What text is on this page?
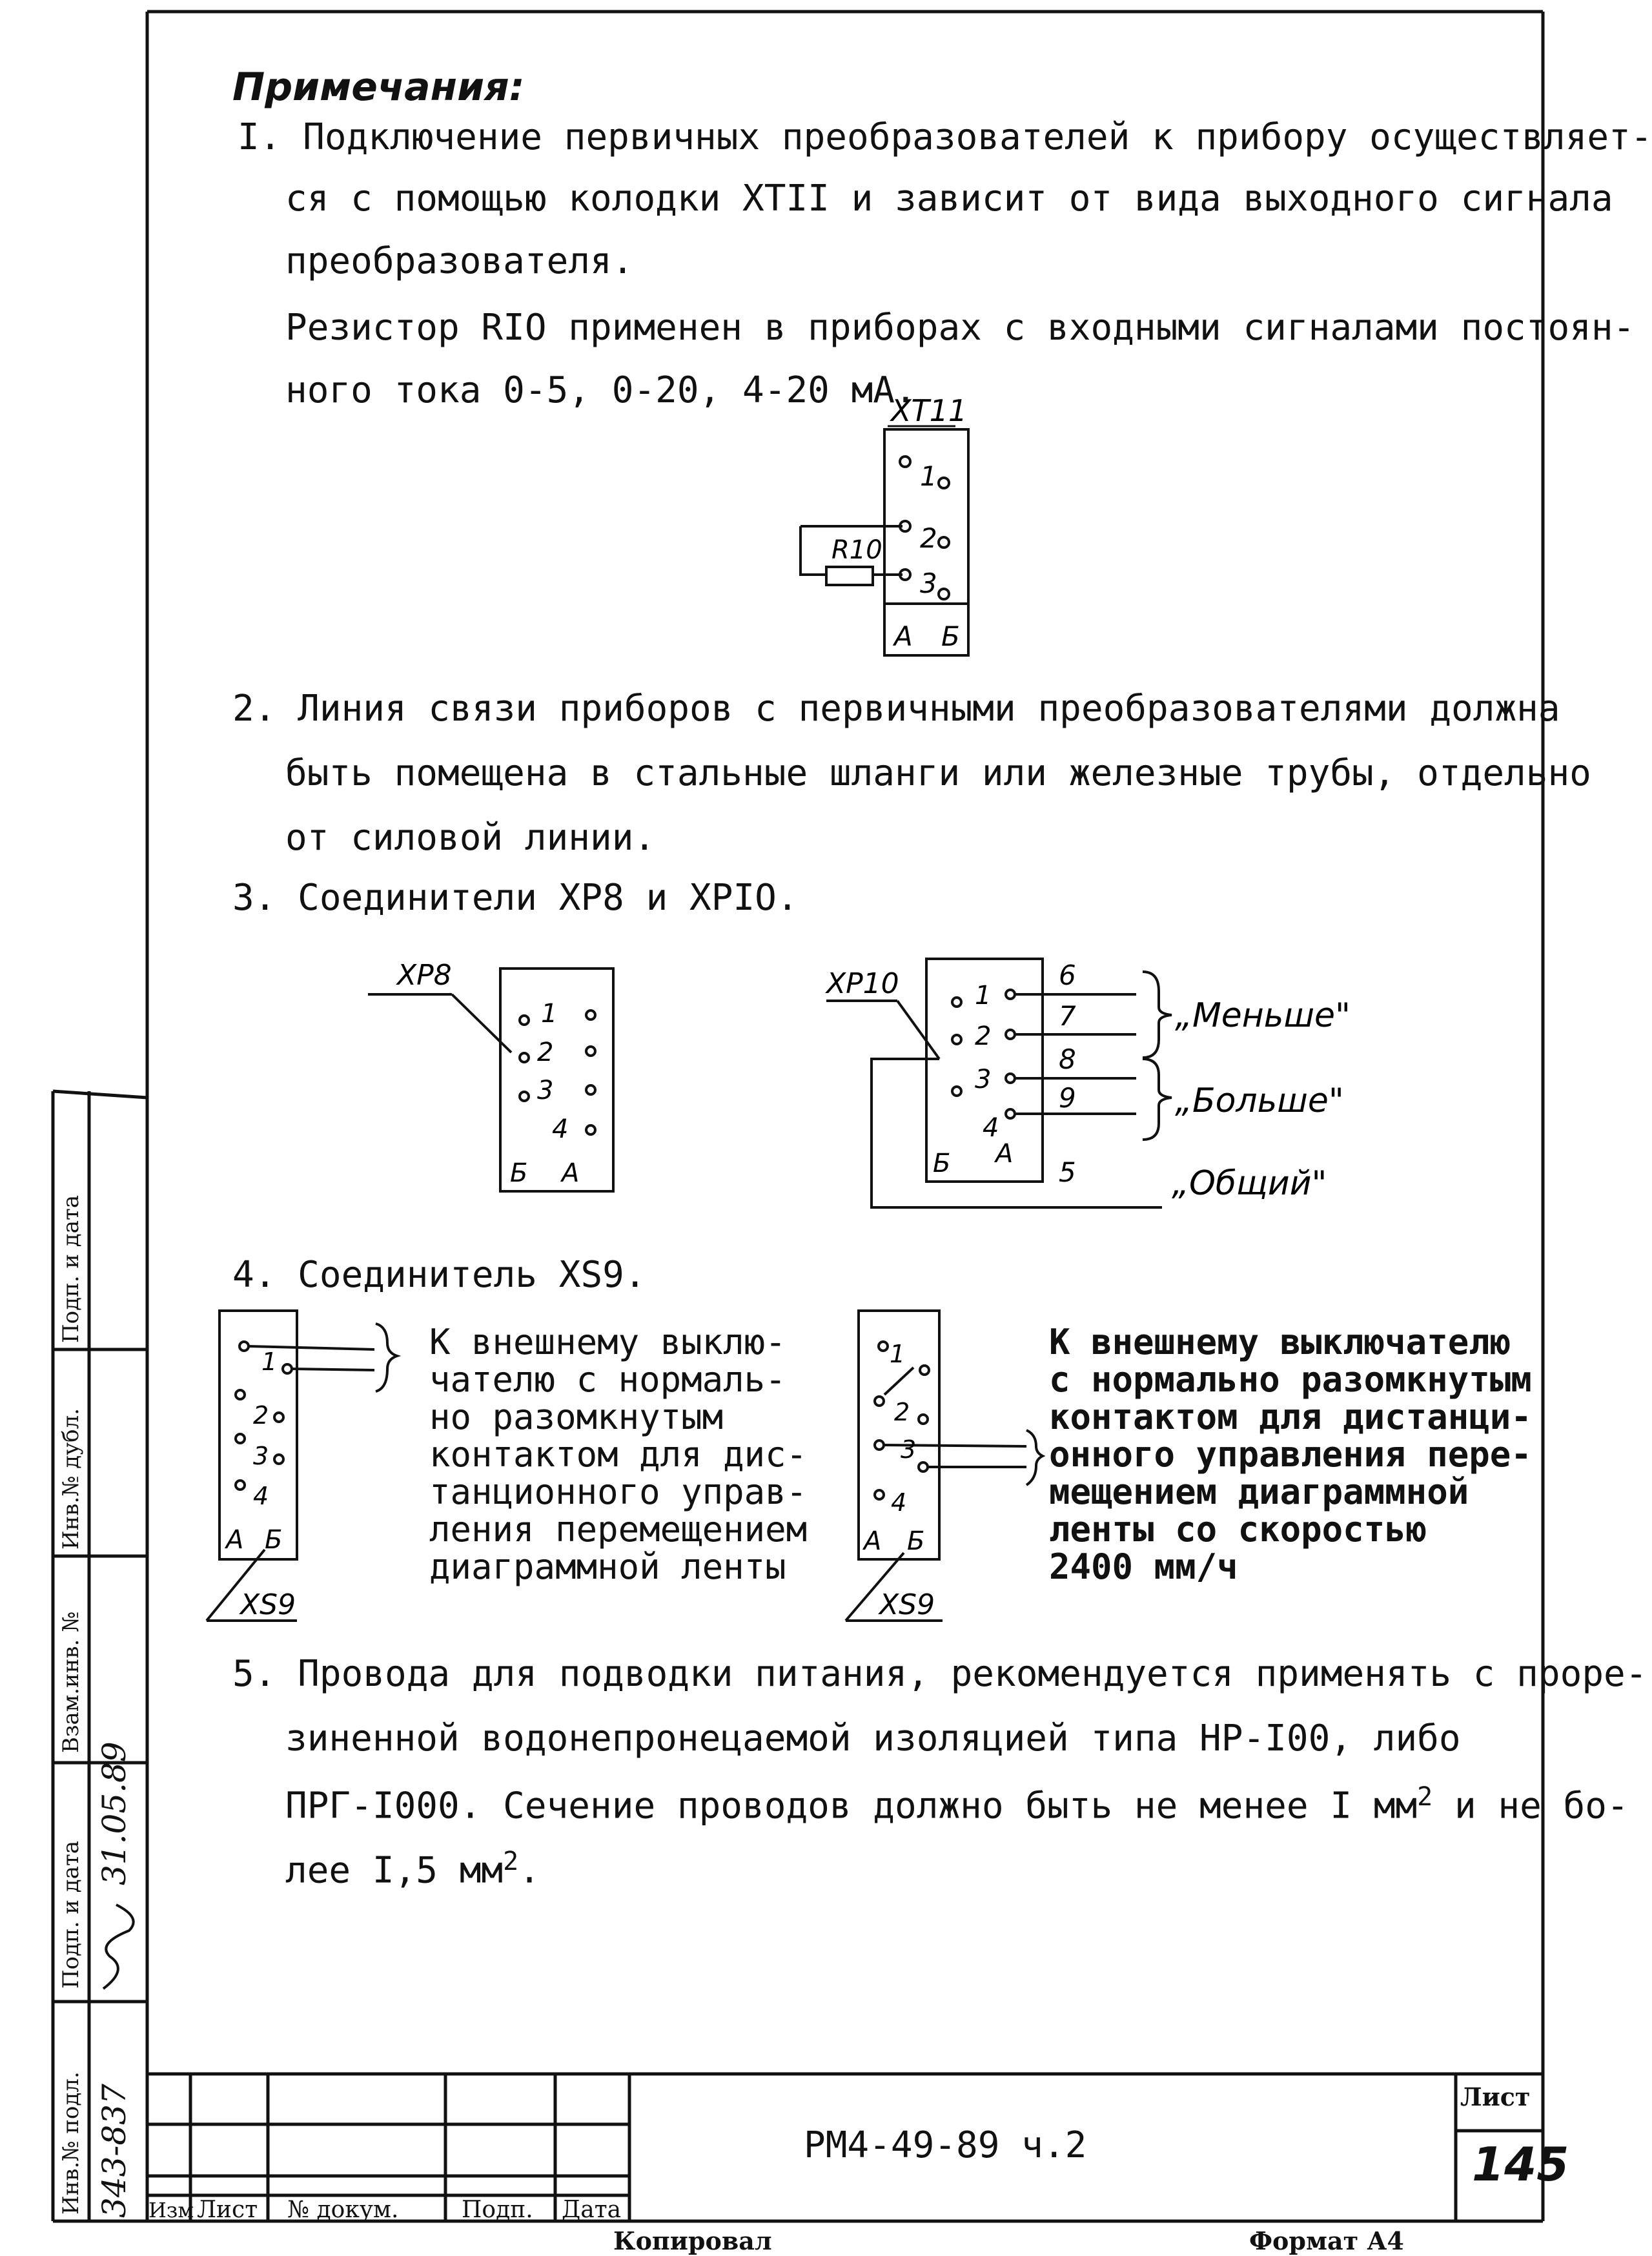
Примечания:
I. Подключение первичных преобразователей к прибору осуществляет-
ся с помощью колодки XTII и зависит от вида выходного сигнала
преобразователя.
Резистор RIO применен в приборах с входными сигналами постоян-
ного тока 0-5, 0-20, 4-20 мА.
XT11
1
2
3
А Б
R10
2. Линия связи приборов с первичными преобразователями должна
быть помещена в стальные шланги или железные трубы, отдельно
от силовой линии.
3. Соединители XP8 и XPIO.
XP8
1
2
3
4
Б А
XP10	1
2
3
4
Б А
6
7
8
9
5
„Меньше"
„Больше"
„Общий"
4. Соединитель XS9.
1
2
3
4
А Б
XS9
К внешнему выклю-
чателю с нормаль-
но разомкнутым
контактом для дис-
танционного управ-
ления перемещением
диаграммной ленты
1
2
3
4
А Б
XS9
К внешнему выключателю
с нормально разомкнутым
контактом для дистанци-
онного управления пере-
мещением диаграммной
ленты со скоростью
2400 мм/ч
5. Провода для подводки питания, рекомендуется применять с проре-
зиненной водонепронецаемой изоляцией типа HP-I00, либо
ПРГ-I000. Сечение проводов должно быть не менее I $мм^2$ и не бо-
лее I,5 $мм^2$.
Инв.№ подл.
Подп. и дата
Взам.инв. №
Инв.№ дубл.
Подп. и дата
343-837
31.05.89
Изм Лист № докум.	Подп. Дата
РМ4-49-89 ч.2
Лист
145
Копировал	Формат А4
